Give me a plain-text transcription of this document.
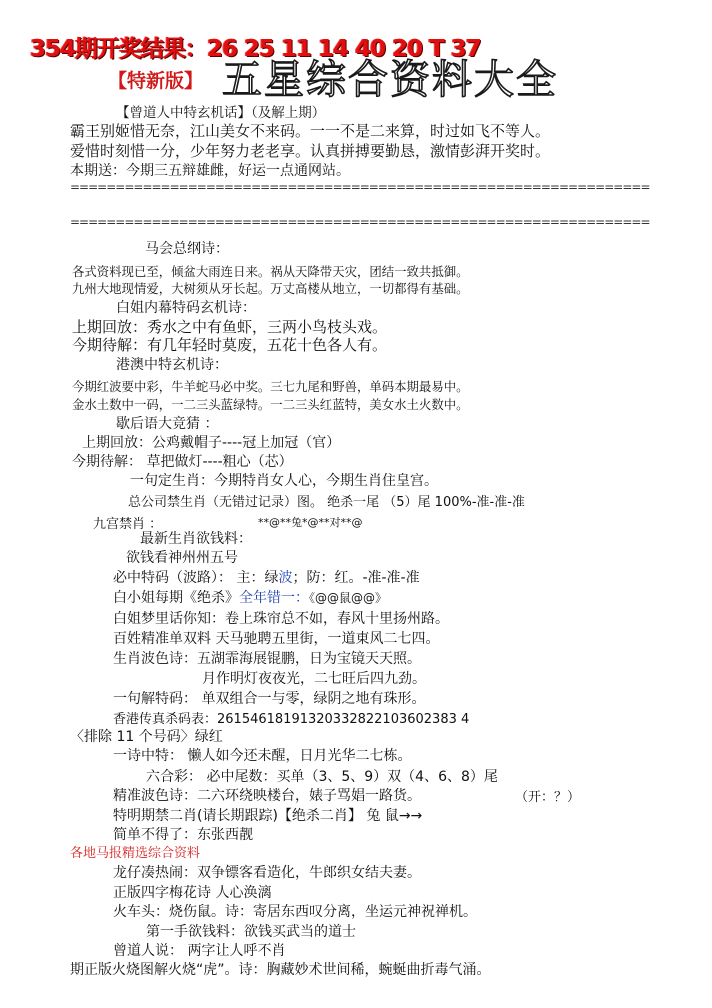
354期开奖结果：26 25 11 14 40 20 T 37
【特新版】 五星综合资料大全
【曾道人中特玄机话】（及解上期）
霸王别姬惜无奈，江山美女不来码。一一不是二来算，时过如飞不等人。
爱惜时刻惜一分，少年努力老老享。认真拼搏要勤恳，激情彭湃开奖时。
本期送：今期三五辩雄雌，好运一点通网站。
================================================================
================================================================
马会总纲诗：
各式资料现已至，倾盆大雨连日来。祸从天降带天灾，团结一致共抵御。
九州大地现情爱，大树须从牙长起。万丈高楼从地立，一切都得有基础。
白姐内幕特码玄机诗：
上期回放：秀水之中有鱼虾，三两小鸟枝头戏。
今期待解：有几年轻时莫废，五花十色各人有。
港澳中特玄机诗：
今期红波要中彩，牛羊蛇马必中奖。三七九尾和野兽，单码本期最易中。
金水土数中一码，一二三头蓝绿特。一二三头红蓝特，美女水土火数中。
歇后语大竞猜 ：
上期回放：公鸡戴帽子----冠上加冠（官）
今期待解： 草把做灯----粗心（芯）
一句定生肖：今期特肖女人心，今期生肖住皇宫。
总公司禁生肖（无错过记录）图。 绝杀一尾 （5）尾 100%-准-准-准
九宫禁肖 ：	**@**兔*@**对**@
最新生肖欲钱料：
欲钱看神州州五号
必中特码（波路）： 主：绿波；防：红。-准-准-准
白小姐每期《绝杀》全年错一：《@@鼠@@》
白姐梦里话你知：卷上珠帘总不如，春风十里扬州路。
百姓精准单双料 天马驰聘五里街，一道東风二七四。
生肖波色诗：五湖霏海展锟鹏，日为宝镜天天照。
月作明灯夜夜光，二七旺后四九劲。
一句解特码： 单双组合一与零，绿阴之地有珠形。
香港传真杀码表：26154618191320332822103602383 4
〈排除 11 个号码〉绿红
一诗中特： 懒人如今还未醒，日月光华二七栋。
六合彩： 必中尾数：买单（3、5、9）双（4、6、8）尾
精准波色诗：二六环绕映楼台，婊子骂娼一路货。	（开：？）
特明期禁二肖(请长期跟踪)【绝杀二肖】 兔 鼠→→
简单不得了：东张西靓
各地马报精选综合资料
龙仔凑热闹：双争镖客看造化，牛郎织女结夫妻。
正版四字梅花诗 人心涣漓
火车头：烧伤鼠。诗：寄居东西叹分离，坐运元神祝禅机。
第一手欲钱料：欲钱买武当的道士
曾道人说： 两字让人呼不肖
期正版火烧图解火烧“虎”。诗：胸藏妙术世间稀，蜿蜒曲折毒气涌。
